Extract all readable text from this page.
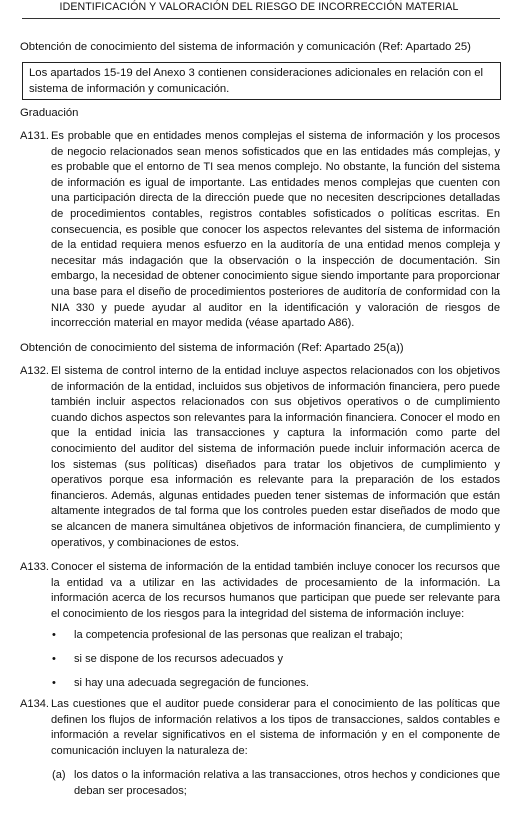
IDENTIFICACIÓN Y VALORACIÓN DEL RIESGO DE INCORRECCIÓN MATERIAL
Obtención de conocimiento del sistema de información y comunicación (Ref: Apartado 25)
Los apartados 15-19 del Anexo 3 contienen consideraciones adicionales en relación con el sistema de información y comunicación.
Graduación
A131. Es probable que en entidades menos complejas el sistema de información y los procesos de negocio relacionados sean menos sofisticados que en las entidades más complejas, y es probable que el entorno de TI sea menos complejo. No obstante, la función del sistema de información es igual de importante. Las entidades menos complejas que cuenten con una participación directa de la dirección puede que no necesiten descripciones detalladas de procedimientos contables, registros contables sofisticados o políticas escritas. En consecuencia, es posible que conocer los aspectos relevantes del sistema de información de la entidad requiera menos esfuerzo en la auditoría de una entidad menos compleja y necesitar más indagación que la observación o la inspección de documentación. Sin embargo, la necesidad de obtener conocimiento sigue siendo importante para proporcionar una base para el diseño de procedimientos posteriores de auditoría de conformidad con la NIA 330 y puede ayudar al auditor en la identificación y valoración de riesgos de incorrección material en mayor medida (véase apartado A86).
Obtención de conocimiento del sistema de información (Ref: Apartado 25(a))
A132. El sistema de control interno de la entidad incluye aspectos relacionados con los objetivos de información de la entidad, incluidos sus objetivos de información financiera, pero puede también incluir aspectos relacionados con sus objetivos operativos o de cumplimiento cuando dichos aspectos son relevantes para la información financiera. Conocer el modo en que la entidad inicia las transacciones y captura la información como parte del conocimiento del auditor del sistema de información puede incluir información acerca de los sistemas (sus políticas) diseñados para tratar los objetivos de cumplimiento y operativos porque esa información es relevante para la preparación de los estados financieros. Además, algunas entidades pueden tener sistemas de información que están altamente integrados de tal forma que los controles pueden estar diseñados de modo que se alcancen de manera simultánea objetivos de información financiera, de cumplimiento y operativos, y combinaciones de estos.
A133. Conocer el sistema de información de la entidad también incluye conocer los recursos que la entidad va a utilizar en las actividades de procesamiento de la información. La información acerca de los recursos humanos que participan que puede ser relevante para el conocimiento de los riesgos para la integridad del sistema de información incluye:
• la competencia profesional de las personas que realizan el trabajo;
• si se dispone de los recursos adecuados y
• si hay una adecuada segregación de funciones.
A134. Las cuestiones que el auditor puede considerar para el conocimiento de las políticas que definen los flujos de información relativos a los tipos de transacciones, saldos contables e información a revelar significativos en el sistema de información y en el componente de comunicación incluyen la naturaleza de:
(a) los datos o la información relativa a las transacciones, otros hechos y condiciones que deban ser procesados;
